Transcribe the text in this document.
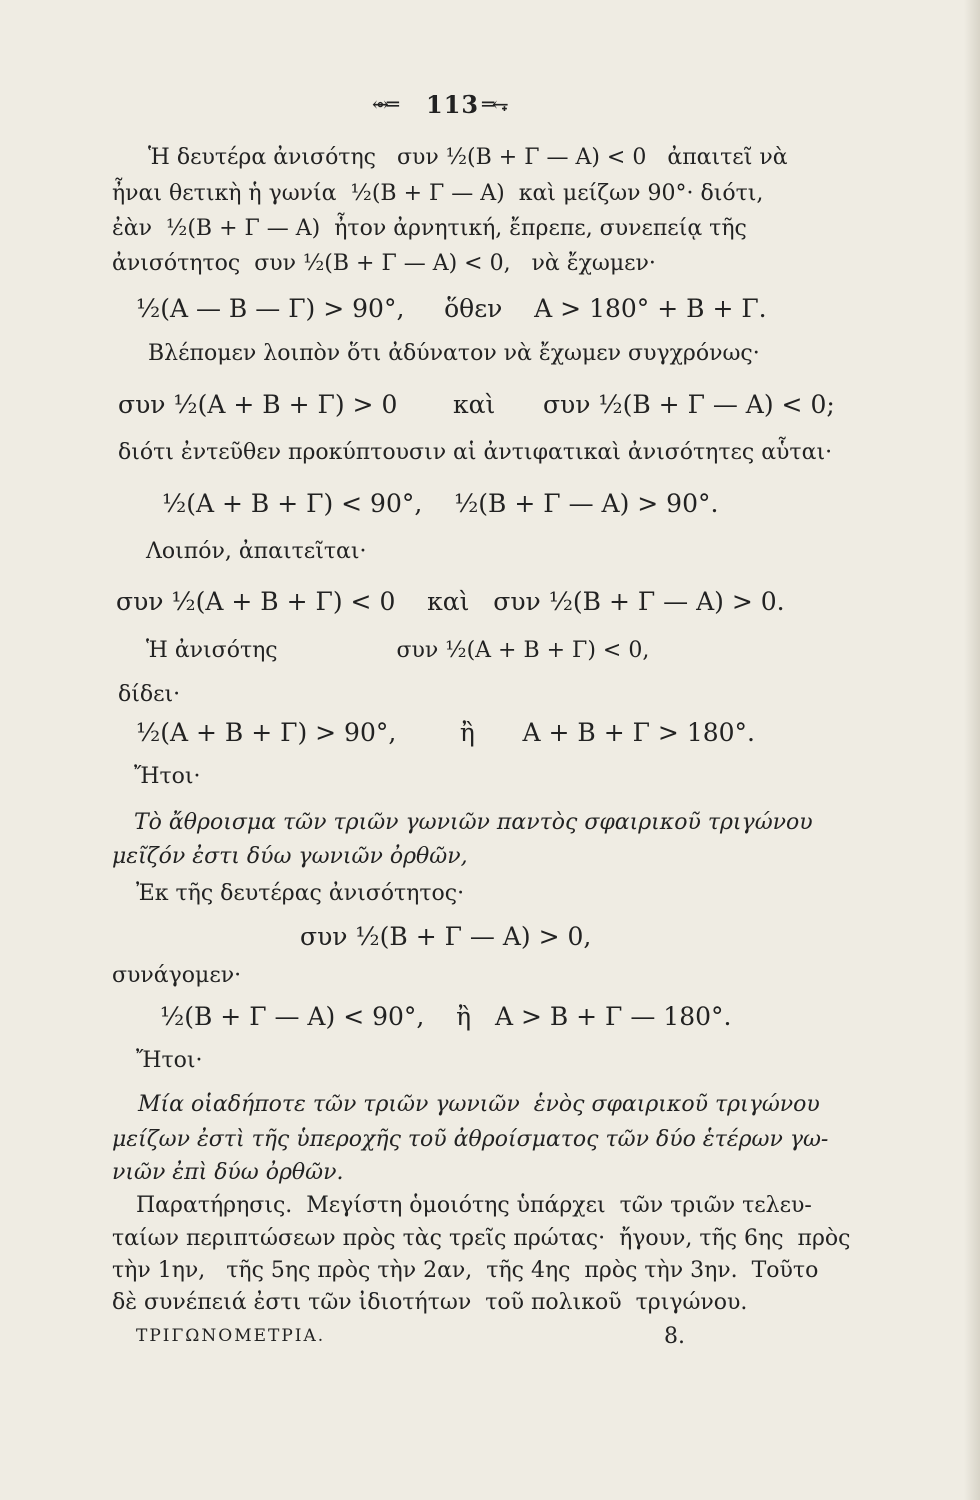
⥈═ 113 ═⥆
Ἡ δευτέρα ἀνισότης   συν ½(Β + Γ — Α) < 0   ἀπαιτεῖ νὰ
ἦναι θετικὴ ἡ γωνία  ½(Β + Γ — Α)  καὶ μείζων 90°· διότι,
ἐὰν  ½(Β + Γ — Α)  ἦτον ἀρνητική, ἔπρεπε, συνεπείᾳ τῆς
ἀνισότητος  συν ½(Β + Γ — Α) < 0,   νὰ ἔχωμεν·
½(Α — Β — Γ) > 90°,     ὅθεν    Α > 180° + Β + Γ.
Βλέπομεν λοιπὸν ὅτι ἀδύνατον νὰ ἔχωμεν συγχρόνως·
συν ½(Α + Β + Γ) > 0       καὶ      συν ½(Β + Γ — Α) < 0;
διότι ἐντεῦθεν προκύπτουσιν αἱ ἀντιφατικαὶ ἀνισότητες αὗται·
½(Α + Β + Γ) < 90°,    ½(Β + Γ — Α) > 90°.
Λοιπόν, ἀπαιτεῖται·
συν ½(Α + Β + Γ) < 0    καὶ   συν ½(Β + Γ — Α) > 0.
Ἡ ἀνισότης                 συν ½(Α + Β + Γ) < 0,
δίδει·
½(Α + Β + Γ) > 90°,        ἢ      Α + Β + Γ > 180°.
Ἤτοι·
Τὸ ἄθροισμα τῶν τριῶν γωνιῶν παντὸς σφαιρικοῦ τριγώνου
μεῖζόν ἐστι δύω γωνιῶν ὀρθῶν,
Ἐκ τῆς δευτέρας ἀνισότητος·
συν ½(Β + Γ — Α) > 0,
συνάγομεν·
½(Β + Γ — Α) < 90°,    ἢ   Α > Β + Γ — 180°.
Ἤτοι·
Μία οἱαδήποτε τῶν τριῶν γωνιῶν  ἑνὸς σφαιρικοῦ τριγώνου
μείζων ἐστὶ τῆς ὑπεροχῆς τοῦ ἀθροίσματος τῶν δύο ἑτέρων γω-
νιῶν ἐπὶ δύω ὀρθῶν.
Παρατήρησις.  Μεγίστη ὁμοιότης ὑπάρχει  τῶν τριῶν τελευ-
ταίων περιπτώσεων πρὸς τὰς τρεῖς πρώτας·  ἤγουν, τῆς 6ης  πρὸς
τὴν 1ην,   τῆς 5ης πρὸς τὴν 2αν,  τῆς 4ης  πρὸς τὴν 3ην.  Τοῦτο
δὲ συνέπειά ἐστι τῶν ἰδιοτήτων  τοῦ πολικοῦ  τριγώνου.
ΤΡΙΓΩΝΟΜΕΤΡΙΑ.	8.
